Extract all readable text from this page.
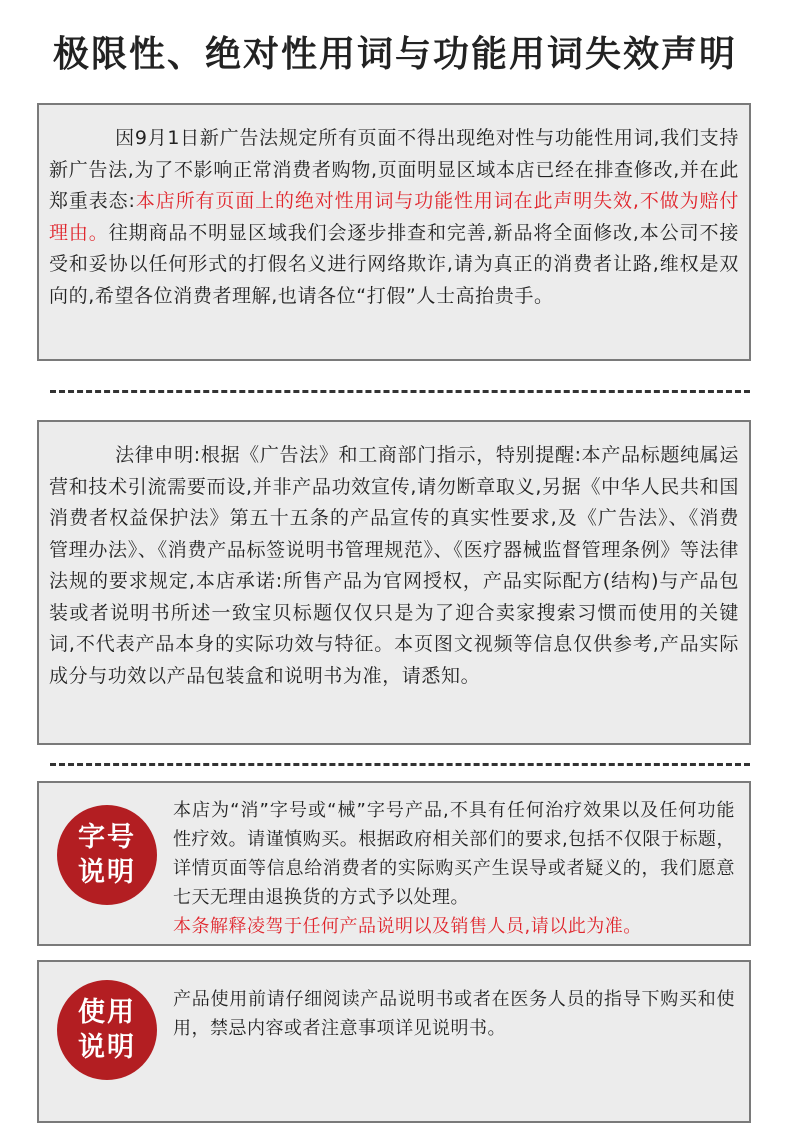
极限性、绝对性用词与功能用词失效声明

因9月1日新广告法规定所有页面不得出现绝对性与功能性用词,我们支持新广告法,为了不影响正常消费者购物,页面明显区域本店已经在排查修改,并在此郑重表态:本店所有页面上的绝对性用词与功能性用词在此声明失效,不做为赔付理由。往期商品不明显区域我们会逐步排查和完善,新品将全面修改,本公司不接受和妥协以任何形式的打假名义进行网络欺诈,请为真正的消费者让路,维权是双向的,希望各位消费者理解,也请各位“打假”人士高抬贵手。

法律申明:根据《广告法》和工商部门指示，特别提醒:本产品标题纯属运营和技术引流需要而设,并非产品功效宣传,请勿断章取义,另据《中华人民共和国消费者权益保护法》第五十五条的产品宣传的真实性要求,及《广告法》、《消费管理办法》、《消费产品标签说明书管理规范》、《医疗器械监督管理条例》等法律法规的要求规定,本店承诺:所售产品为官网授权，产品实际配方(结构)与产品包装或者说明书所述一致宝贝标题仅仅只是为了迎合卖家搜索习惯而使用的关键词,不代表产品本身的实际功效与特征。本页图文视频等信息仅供参考,产品实际成分与功效以产品包装盒和说明书为准，请悉知。

字号
说明

本店为“消”字号或“械”字号产品,不具有任何治疗效果以及任何功能性疗效。请谨慎购买。根据政府相关部们的要求,包括不仅限于标题，详情页面等信息给消费者的实际购买产生误导或者疑义的，我们愿意七天无理由退换货的方式予以处理。
本条解释凌驾于任何产品说明以及销售人员,请以此为准。

使用
说明

产品使用前请仔细阅读产品说明书或者在医务人员的指导下购买和使用，禁忌内容或者注意事项详见说明书。
